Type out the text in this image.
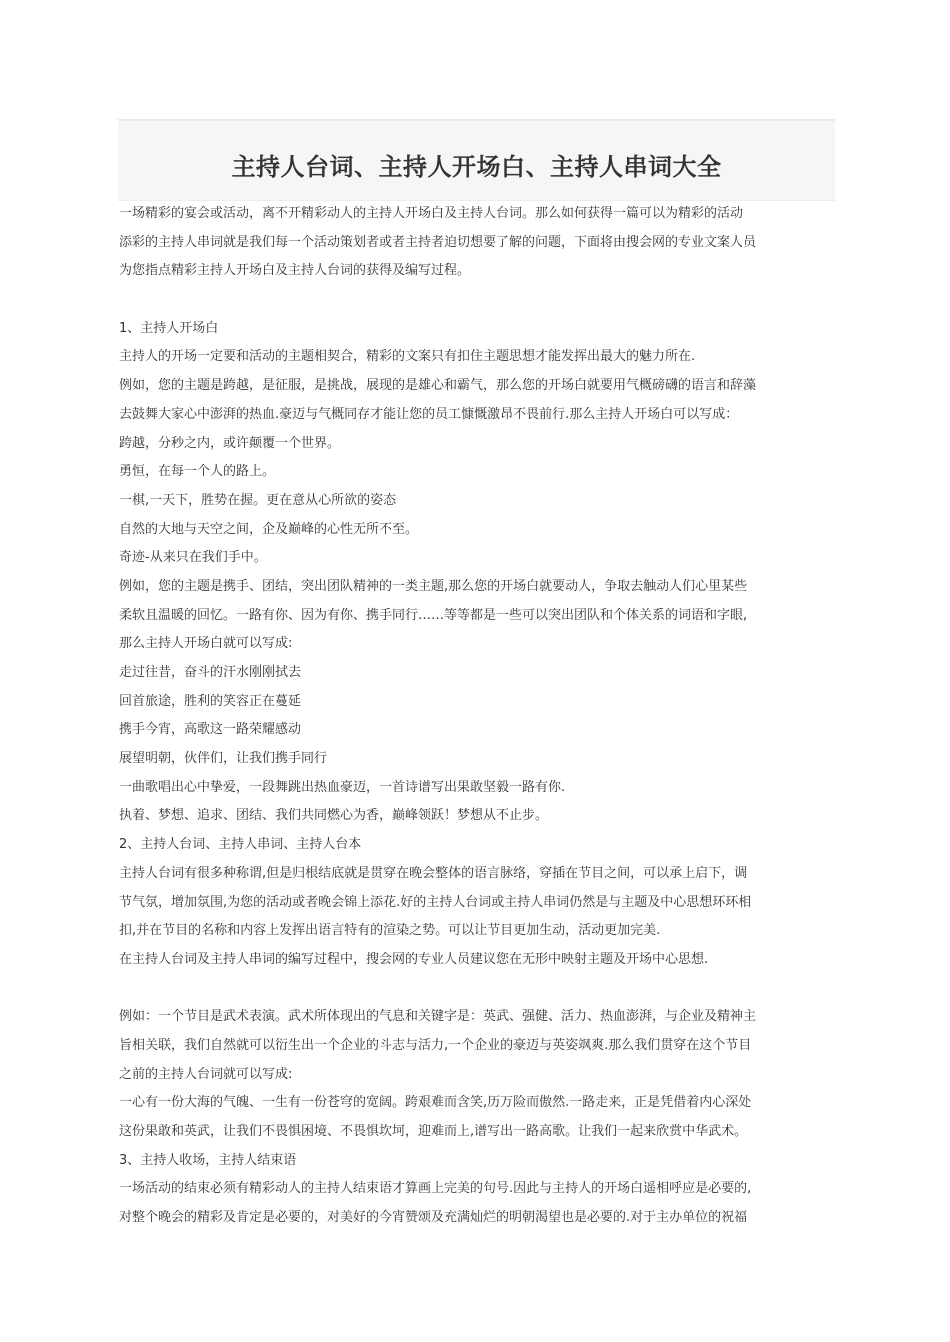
主持人台词、主持人开场白、主持人串词大全

一场精彩的宴会或活动，离不开精彩动人的主持人开场白及主持人台词。那么如何获得一篇可以为精彩的活动

添彩的主持人串词就是我们每一个活动策划者或者主持者迫切想要了解的问题，下面将由搜会网的专业文案人员

为您指点精彩主持人开场白及主持人台词的获得及编写过程。

1、主持人开场白

主持人的开场一定要和活动的主题相契合，精彩的文案只有扣住主题思想才能发挥出最大的魅力所在.

例如，您的主题是跨越，是征服，是挑战，展现的是雄心和霸气，那么您的开场白就要用气概磅礴的语言和辞藻

去鼓舞大家心中澎湃的热血.豪迈与气概同存才能让您的员工慷慨激昂不畏前行.那么主持人开场白可以写成：

跨越，分秒之内，或许颠覆一个世界。

勇恒，在每一个人的路上。

一棋,一天下，胜势在握。更在意从心所欲的姿态

自然的大地与天空之间，企及巅峰的心性无所不至。

奇迹-从来只在我们手中。

例如，您的主题是携手、团结，突出团队精神的一类主题,那么您的开场白就要动人，争取去触动人们心里某些

柔软且温暖的回忆。一路有你、因为有你、携手同行……等等都是一些可以突出团队和个体关系的词语和字眼,

那么主持人开场白就可以写成:

走过往昔，奋斗的汗水刚刚拭去

回首旅途，胜利的笑容正在蔓延

携手今宵，高歌这一路荣耀感动

展望明朝，伙伴们，让我们携手同行

一曲歌唱出心中挚爱，一段舞跳出热血豪迈，一首诗谱写出果敢坚毅一路有你.

执着、梦想、追求、团结、我们共同燃心为香，巅峰领跃！梦想从不止步。

2、主持人台词、主持人串词、主持人台本

主持人台词有很多种称谓,但是归根结底就是贯穿在晚会整体的语言脉络，穿插在节目之间，可以承上启下，调

节气氛，增加氛围,为您的活动或者晚会锦上添花.好的主持人台词或主持人串词仍然是与主题及中心思想环环相

扣,并在节目的名称和内容上发挥出语言特有的渲染之势。可以让节目更加生动，活动更加完美.

在主持人台词及主持人串词的编写过程中，搜会网的专业人员建议您在无形中映射主题及开场中心思想.

例如：一个节目是武术表演。武术所体现出的气息和关键字是：英武、强健、活力、热血澎湃，与企业及精神主

旨相关联，我们自然就可以衍生出一个企业的斗志与活力,一个企业的豪迈与英姿飒爽.那么我们贯穿在这个节目

之前的主持人台词就可以写成:

一心有一份大海的气魄、一生有一份苍穹的宽阔。跨艰难而含笑,历万险而傲然.一路走来，正是凭借着内心深处

这份果敢和英武，让我们不畏惧困境、不畏惧坎坷，迎难而上,谱写出一路高歌。让我们一起来欣赏中华武术。

3、主持人收场，主持人结束语

一场活动的结束必须有精彩动人的主持人结束语才算画上完美的句号.因此与主持人的开场白遥相呼应是必要的,

对整个晚会的精彩及肯定是必要的，对美好的今宵赞颂及充满灿烂的明朝渴望也是必要的.对于主办单位的祝福
